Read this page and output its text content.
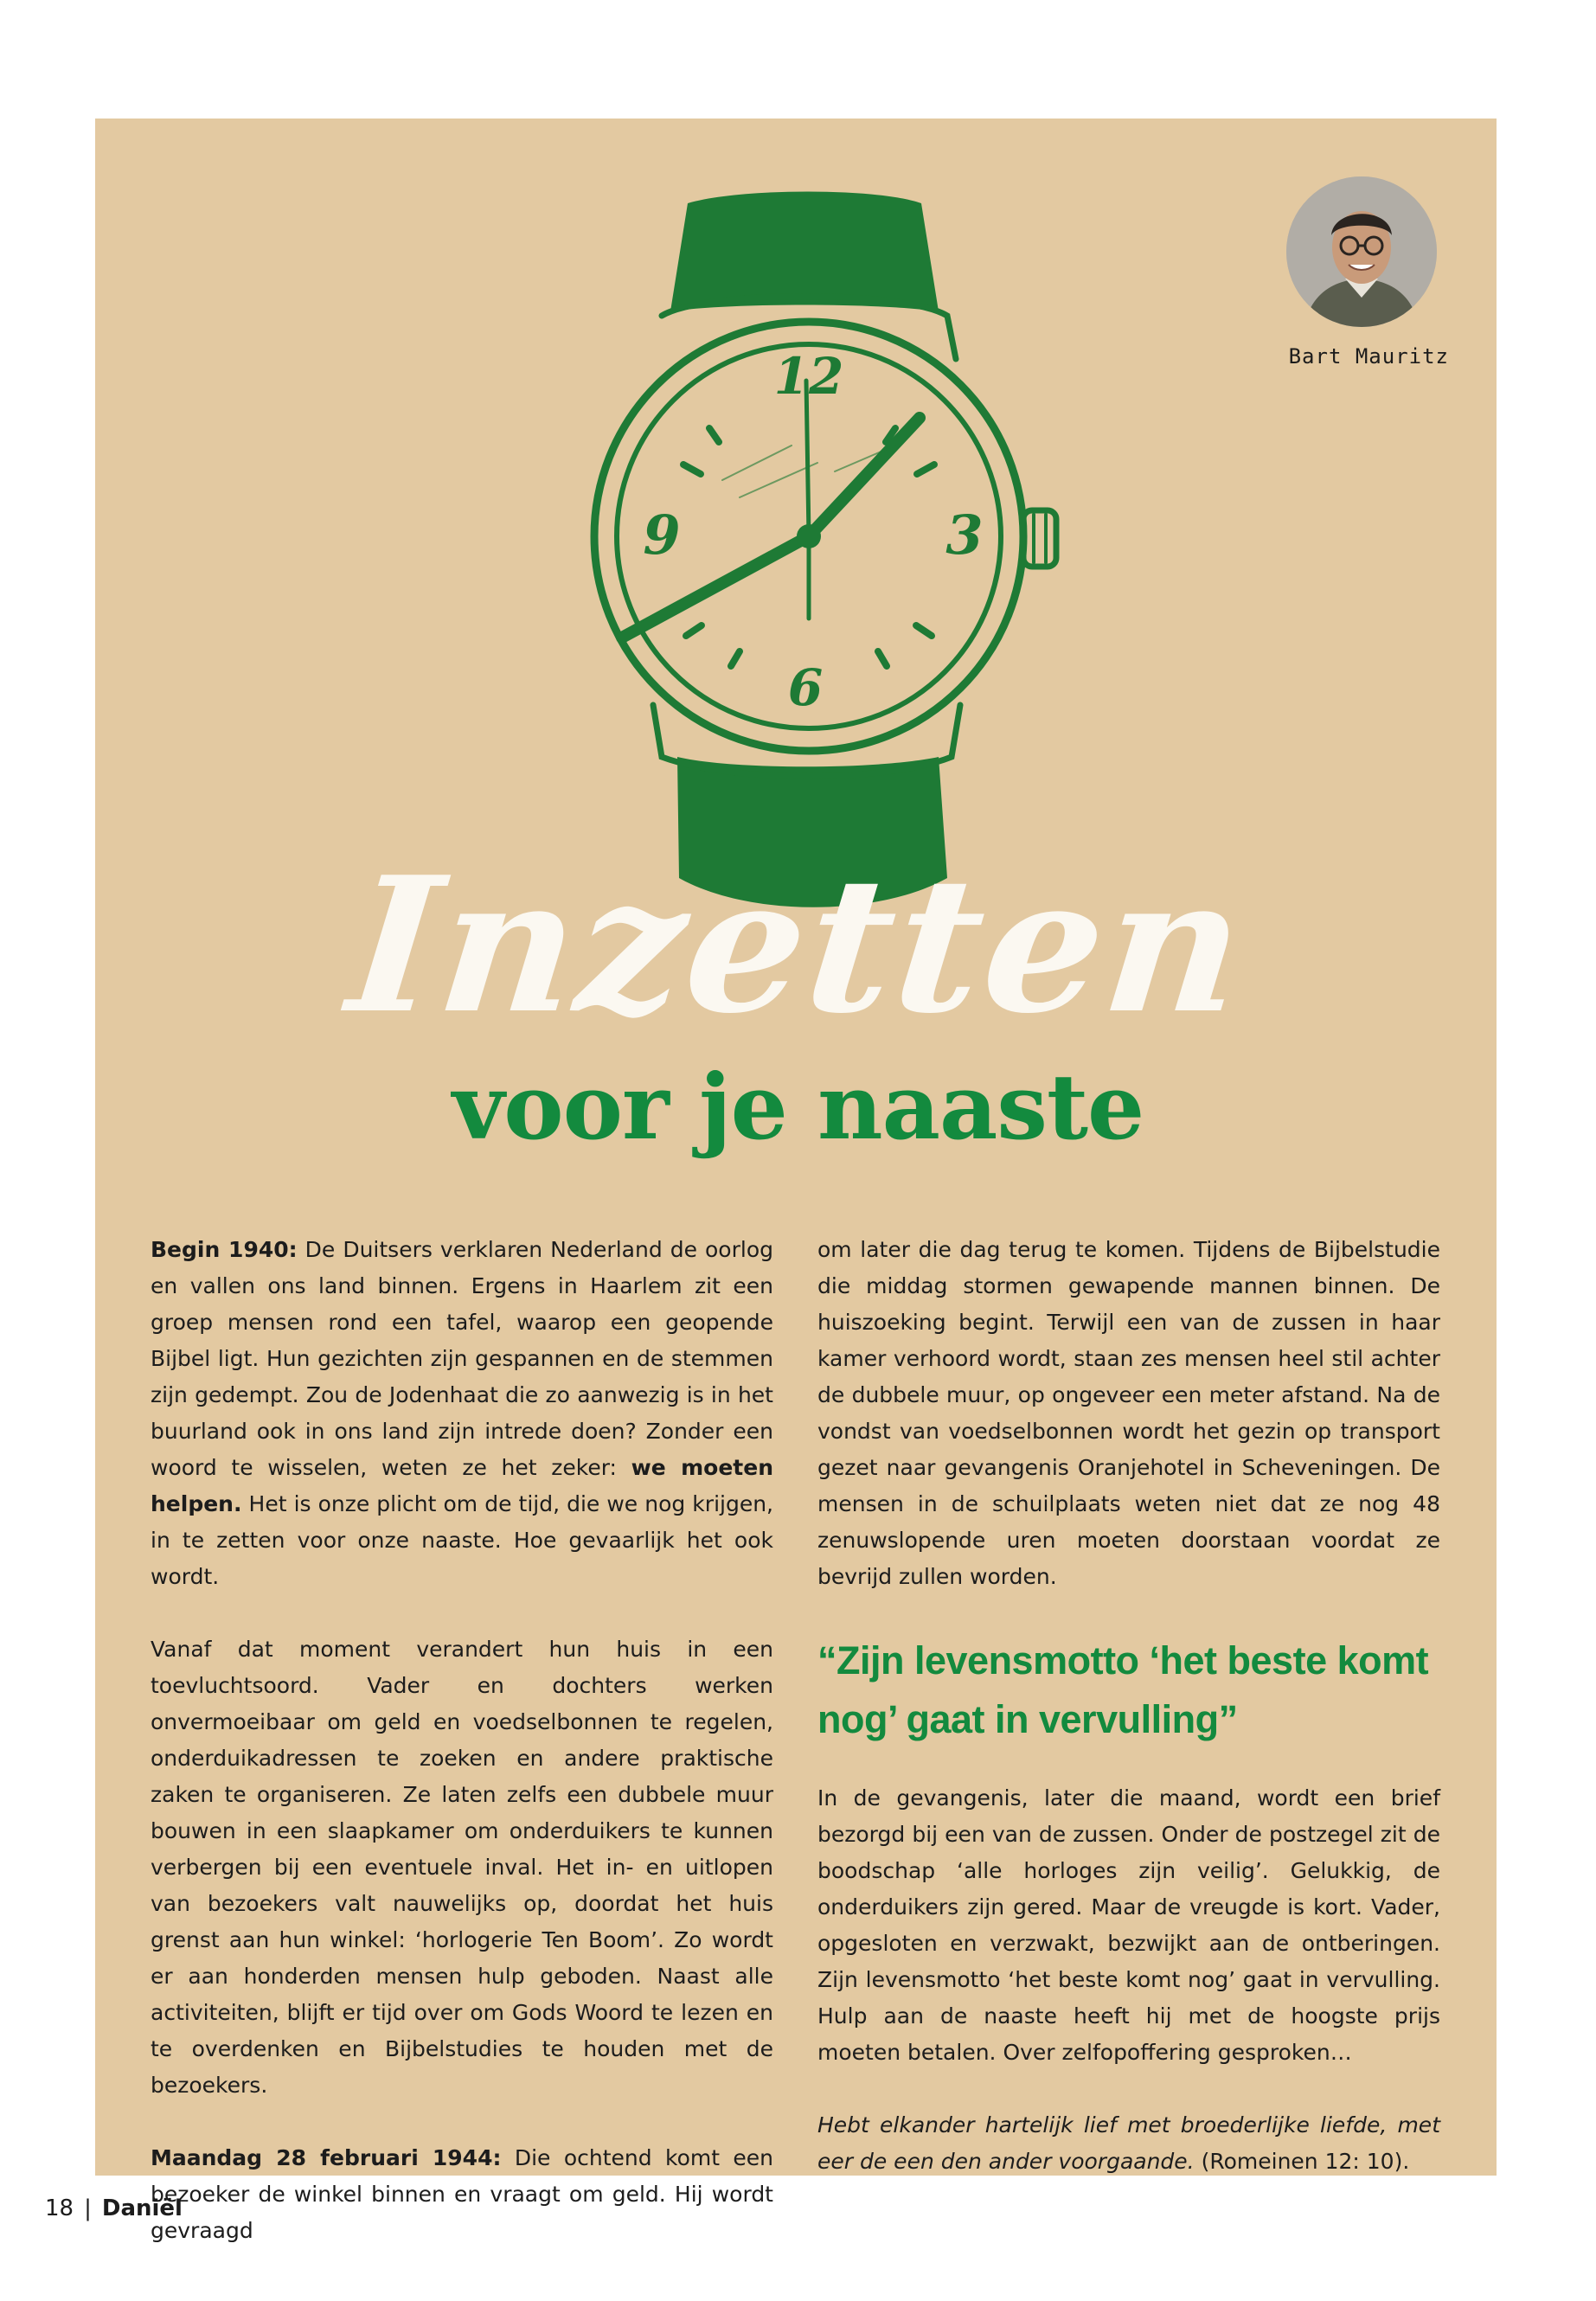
Bart Mauritz
12
3
6
9
Inzetten
voor je naaste

Begin 1940: De Duitsers verklaren Nederland de oorlog en vallen ons land binnen. Ergens in Haarlem zit een groep mensen rond een tafel, waarop een geopende Bijbel ligt. Hun gezichten zijn gespannen en de stemmen zijn gedempt. Zou de Jodenhaat die zo aanwezig is in het buurland ook in ons land zijn intrede doen? Zonder een woord te wisselen, weten ze het zeker: we moeten helpen. Het is onze plicht om de tijd, die we nog krijgen, in te zetten voor onze naaste. Hoe gevaarlijk het ook wordt.

Vanaf dat moment verandert hun huis in een toevluchtsoord. Vader en dochters werken onvermoeibaar om geld en voedselbonnen te regelen, onderduikadressen te zoeken en andere praktische zaken te organiseren. Ze laten zelfs een dubbele muur bouwen in een slaapkamer om onderduikers te kunnen verbergen bij een eventuele inval. Het in- en uitlopen van bezoekers valt nauwelijks op, doordat het huis grenst aan hun winkel: ‘horlogerie Ten Boom’. Zo wordt er aan honderden mensen hulp geboden. Naast alle activiteiten, blijft er tijd over om Gods Woord te lezen en te overdenken en Bijbelstudies te houden met de bezoekers.

Maandag 28 februari 1944: Die ochtend komt een bezoeker de winkel binnen en vraagt om geld. Hij wordt gevraagd

om later die dag terug te komen. Tijdens de Bijbelstudie die middag stormen gewapende mannen binnen. De huiszoeking begint. Terwijl een van de zussen in haar kamer verhoord wordt, staan zes mensen heel stil achter de dubbele muur, op ongeveer een meter afstand. Na de vondst van voedselbonnen wordt het gezin op transport gezet naar gevangenis Oranjehotel in Scheveningen. De mensen in de schuilplaats weten niet dat ze nog 48 zenuwslopende uren moeten doorstaan voordat ze bevrijd zullen worden.

“Zijn levensmotto ‘het beste komt nog’ gaat in vervulling”

In de gevangenis, later die maand, wordt een brief bezorgd bij een van de zussen. Onder de postzegel zit de boodschap ‘alle horloges zijn veilig’. Gelukkig, de onderduikers zijn gered. Maar de vreugde is kort. Vader, opgesloten en verzwakt, bezwijkt aan de ontberingen. Zijn levensmotto ‘het beste komt nog’ gaat in vervulling. Hulp aan de naaste heeft hij met de hoogste prijs moeten betalen. Over zelfopoffering gesproken…

Hebt elkander hartelijk lief met broederlijke liefde, met eer de een den ander voorgaande. (Romeinen 12: 10).

18 | Daniël
